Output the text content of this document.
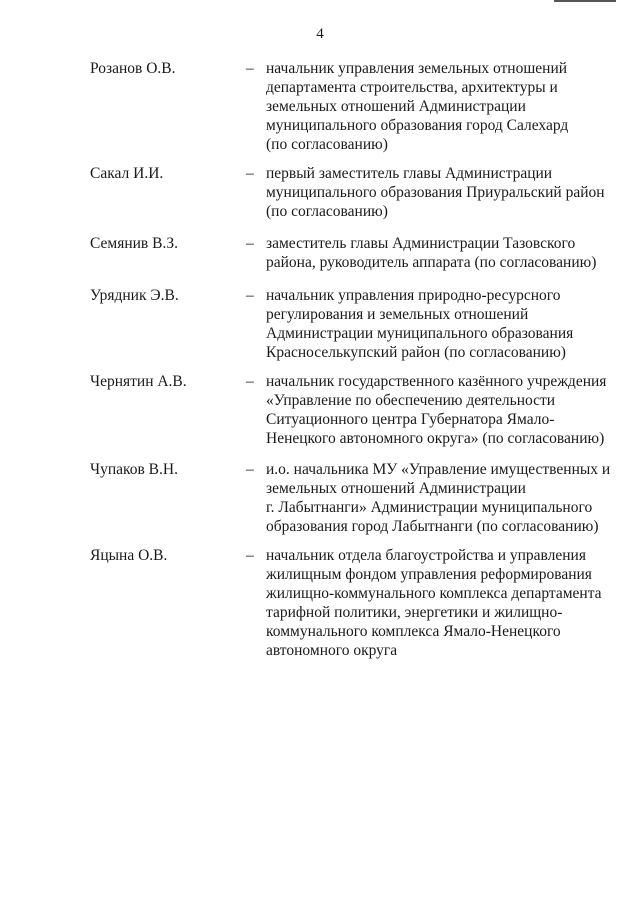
4
Розанов О.В.	– начальник управления земельных отношений
департамента строительства, архитектуры и
земельных отношений Администрации
муниципального образования город Салехард
(по согласованию)
Сакал И.И.	– первый заместитель главы Администрации
муниципального образования Приуральский район
(по согласованию)
Семянив В.З.	– заместитель главы Администрации Тазовского
района, руководитель аппарата (по согласованию)
Урядник Э.В.	– начальник управления природно-ресурсного
регулирования и земельных отношений
Администрации муниципального образования
Красноселькупский район (по согласованию)
Чернятин А.В.	– начальник государственного казённого учреждения
«Управление по обеспечению деятельности
Ситуационного центра Губернатора Ямало-
Ненецкого автономного округа» (по согласованию)
Чупаков В.Н.	– и.о. начальника МУ «Управление имущественных и
земельных отношений Администрации
г. Лабытнанги» Администрации муниципального
образования город Лабытнанги (по согласованию)
Яцына О.В.	– начальник отдела благоустройства и управления
жилищным фондом управления реформирования
жилищно-коммунального комплекса департамента
тарифной политики, энергетики и жилищно-
коммунального комплекса Ямало-Ненецкого
автономного округа
